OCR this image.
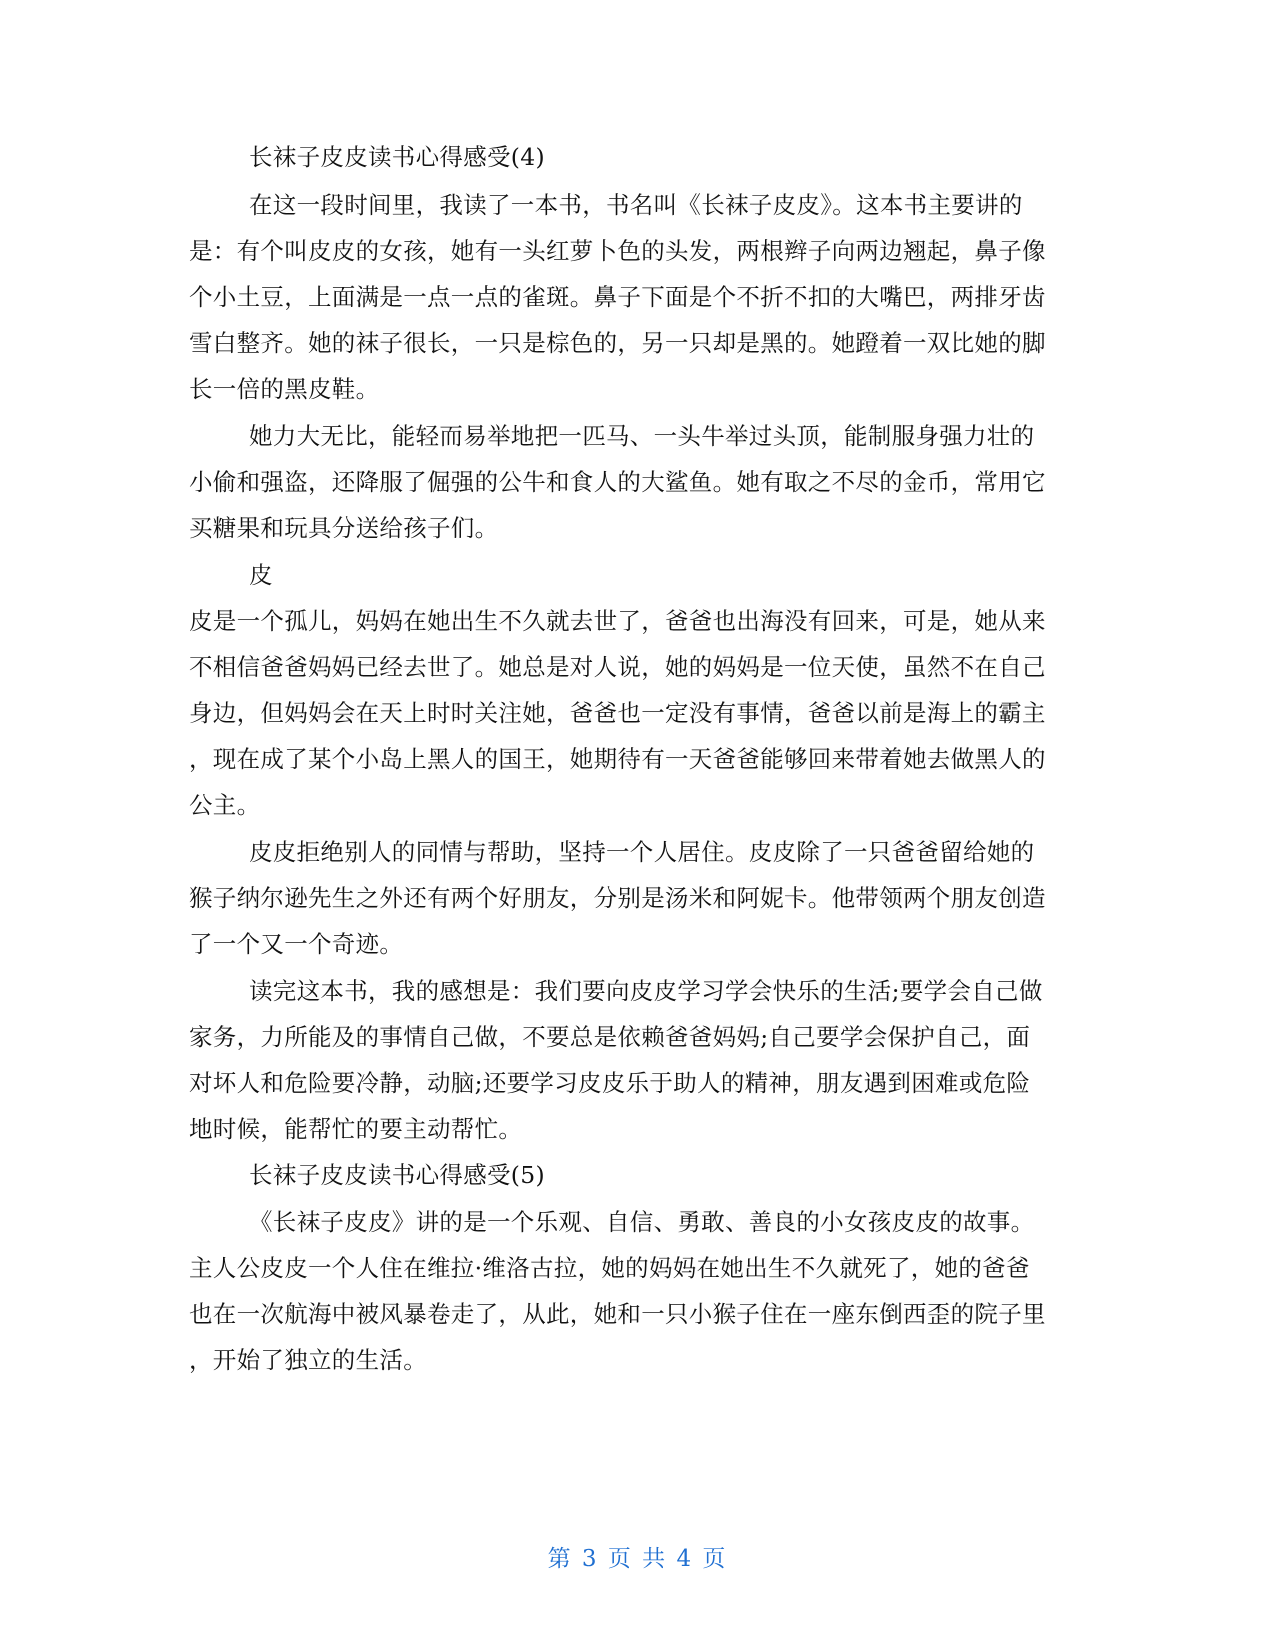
长袜子皮皮读书心得感受(4)
在这一段时间里，我读了一本书，书名叫《长袜子皮皮》。这本书主要讲的
是：有个叫皮皮的女孩，她有一头红萝卜色的头发，两根辫子向两边翘起，鼻子像
个小土豆，上面满是一点一点的雀斑。鼻子下面是个不折不扣的大嘴巴，两排牙齿
雪白整齐。她的袜子很长，一只是棕色的，另一只却是黑的。她蹬着一双比她的脚
长一倍的黑皮鞋。
她力大无比，能轻而易举地把一匹马、一头牛举过头顶，能制服身强力壮的
小偷和强盗，还降服了倔强的公牛和食人的大鲨鱼。她有取之不尽的金币，常用它
买糖果和玩具分送给孩子们。
皮
皮是一个孤儿，妈妈在她出生不久就去世了，爸爸也出海没有回来，可是，她从来
不相信爸爸妈妈已经去世了。她总是对人说，她的妈妈是一位天使，虽然不在自己
身边，但妈妈会在天上时时关注她，爸爸也一定没有事情，爸爸以前是海上的霸主
，现在成了某个小岛上黑人的国王，她期待有一天爸爸能够回来带着她去做黑人的
公主。
皮皮拒绝别人的同情与帮助，坚持一个人居住。皮皮除了一只爸爸留给她的
猴子纳尔逊先生之外还有两个好朋友，分别是汤米和阿妮卡。他带领两个朋友创造
了一个又一个奇迹。
读完这本书，我的感想是：我们要向皮皮学习学会快乐的生活;要学会自己做
家务，力所能及的事情自己做，不要总是依赖爸爸妈妈;自己要学会保护自己，面
对坏人和危险要冷静，动脑;还要学习皮皮乐于助人的精神，朋友遇到困难或危险
地时候，能帮忙的要主动帮忙。
长袜子皮皮读书心得感受(5)
《长袜子皮皮》讲的是一个乐观、自信、勇敢、善良的小女孩皮皮的故事。
主人公皮皮一个人住在维拉·维洛古拉，她的妈妈在她出生不久就死了，她的爸爸
也在一次航海中被风暴卷走了，从此，她和一只小猴子住在一座东倒西歪的院子里
，开始了独立的生活。
第 3 页 共 4 页
